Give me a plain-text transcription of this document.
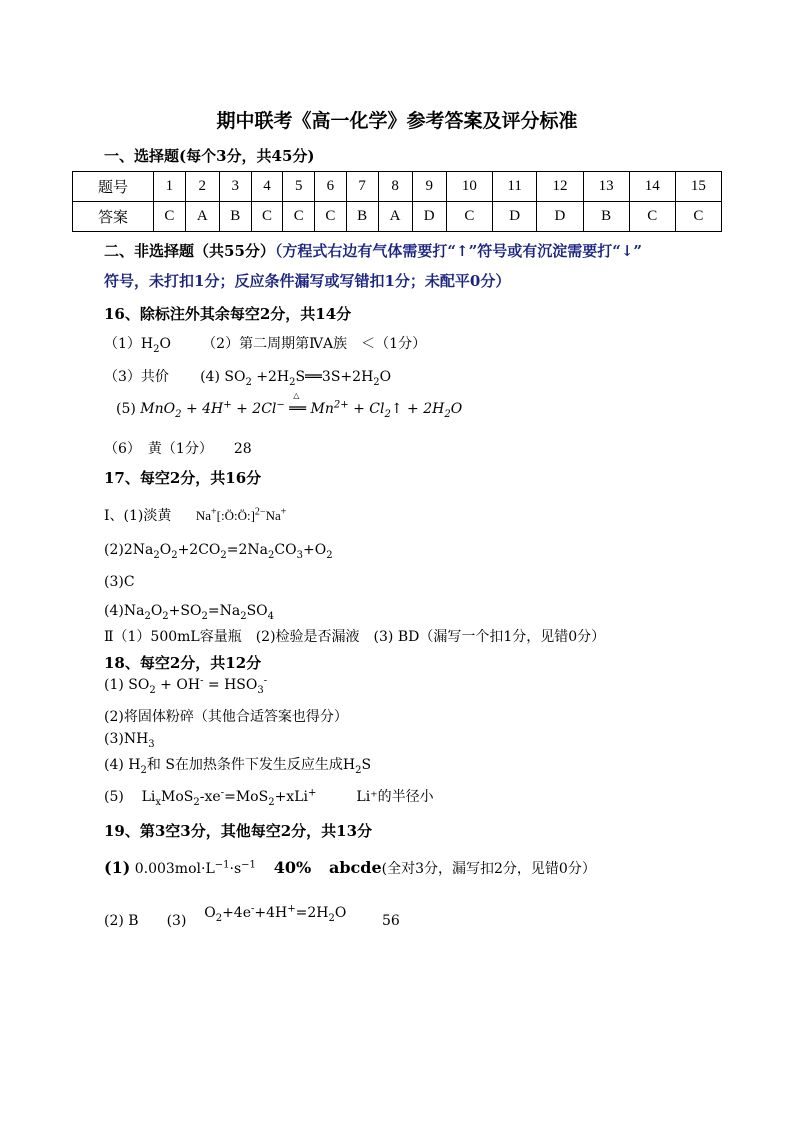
期中联考《高一化学》参考答案及评分标准
一、选择题(每个3分，共45分)
题号	1	2	3	4	5	6	7	8	9	10	11	12	13	14	15
答案	C	A	B	C	C	C	B	A	D	C	D	D	B	C	C
二、非选择题（共55分）（方程式右边有气体需要打“↑”符号或有沉淀需要打“↓”
符号，未打扣1分；反应条件漏写或写错扣1分；未配平0分）
16、除标注外其余每空2分，共14分
$(1)H_2O$       （2）第二周期第ⅣA族　＜（1分）
（3）共价 (4) $SO_2$ $+2H_2S══3S+2H_2O$
(5) MnO$_2$ + 4H+ + 2Cl−
△
══ $Mn^{2+}$ + $Cl_2↑ + 2H_2O$
（6）　黄（1分）　　28
17、每空2分，共16分
Ⅰ、(1)淡黄 Na+[:Ö:Ö:]$^{2-}$Na+
$(2)2Na_2O_2+2CO_2=2Na_2CO_3+O_2$
(3)C
$(4)Na_2O_2+SO_2=Na_2SO_4$
Ⅱ（1）500mL容量瓶　(2)检验是否漏液　(3) BD（漏写一个扣1分，见错0分）
18、每空2分，共12分
(1) $SO_2 + OH^- = HSO_3^-$
(2)将固体粉碎（其他合适答案也得分）
$(3)NH_3$
(4) $H_2$和 S在加热条件下发生反应生成$H_2S$
(5)    $Li_xMoS_2-xe^-=MoS_2+xLi^+$	Li⁺的半径小
19、第3空3分，其他每空2分，共13分
(1) $0.003mol\cdot L^{-1}\cdot s^{-1}$ 40% abcde(全对3分，漏写扣2分，见错0分）
(2) B　　(3) $O_2+4e^-+4H^+=2H_2O$	56
